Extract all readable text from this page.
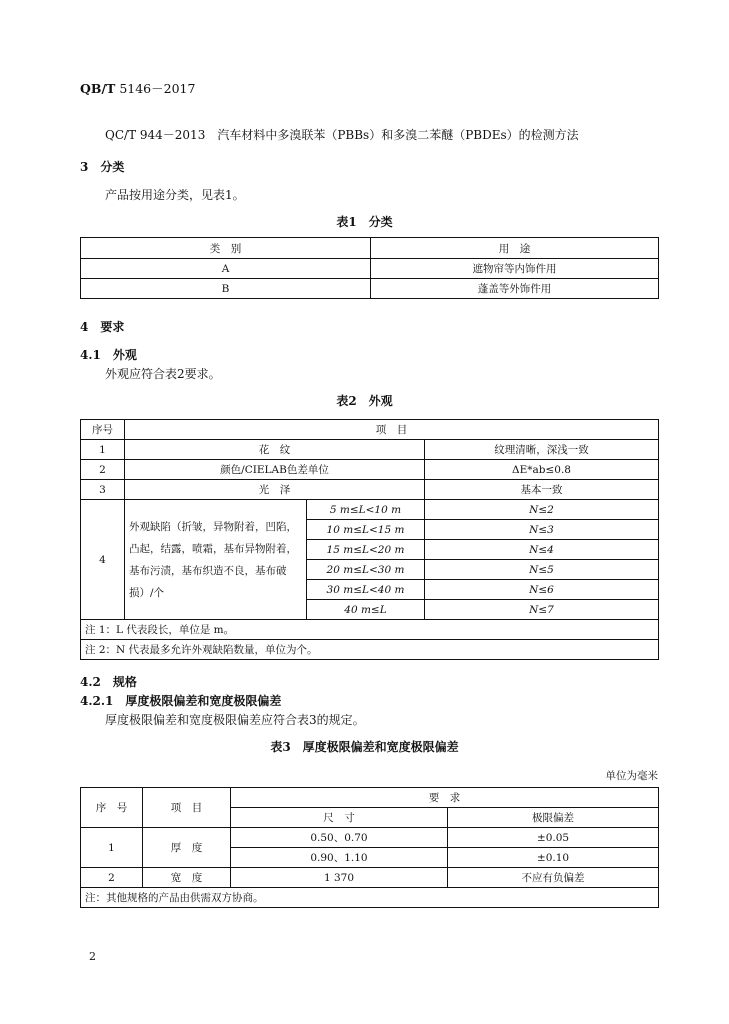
QB/T 5146－2017
QC/T 944－2013　汽车材料中多溴联苯（PBBs）和多溴二苯醚（PBDEs）的检测方法
3　分类
产品按用途分类，见表1。
表1　分类
类　别	用　途
A	遮物帘等内饰件用
B	蓬盖等外饰件用
4　要求
4.1　外观
外观应符合表2要求。
表2　外观
序号	项　目	
1	花　纹		纹理清晰，深浅一致	
2	颜色/CIELAB色差单位		ΔE*ab≤0.8	
3	光　泽		基本一致	
4	外观缺陷（折皱，异物附着，凹陷，凸起，结露，喷霜，基布异物附着，基布污渍，基布织造不良，基布破损）/个	5 m≤L<10 m	N≤2	
		10 m≤L<15 m	N≤3	
		15 m≤L<20 m	N≤4	
		20 m≤L<30 m	N≤5	
		30 m≤L<40 m	N≤6	
		40 m≤L	N≤7	
注 1：L 代表段长，单位是 m。				
注 2：N 代表最多允许外观缺陷数量，单位为个。				
4.2　规格
4.2.1　厚度极限偏差和宽度极限偏差
厚度极限偏差和宽度极限偏差应符合表3的规定。
表3　厚度极限偏差和宽度极限偏差
单位为毫米
序　号	项　目	要　求	
		尺　寸	极限偏差
1	厚　度	0.50、0.70	±0.05
		0.90、1.10	±0.10
2	宽　度	1 370	不应有负偏差
注：其他规格的产品由供需双方协商。			
2
